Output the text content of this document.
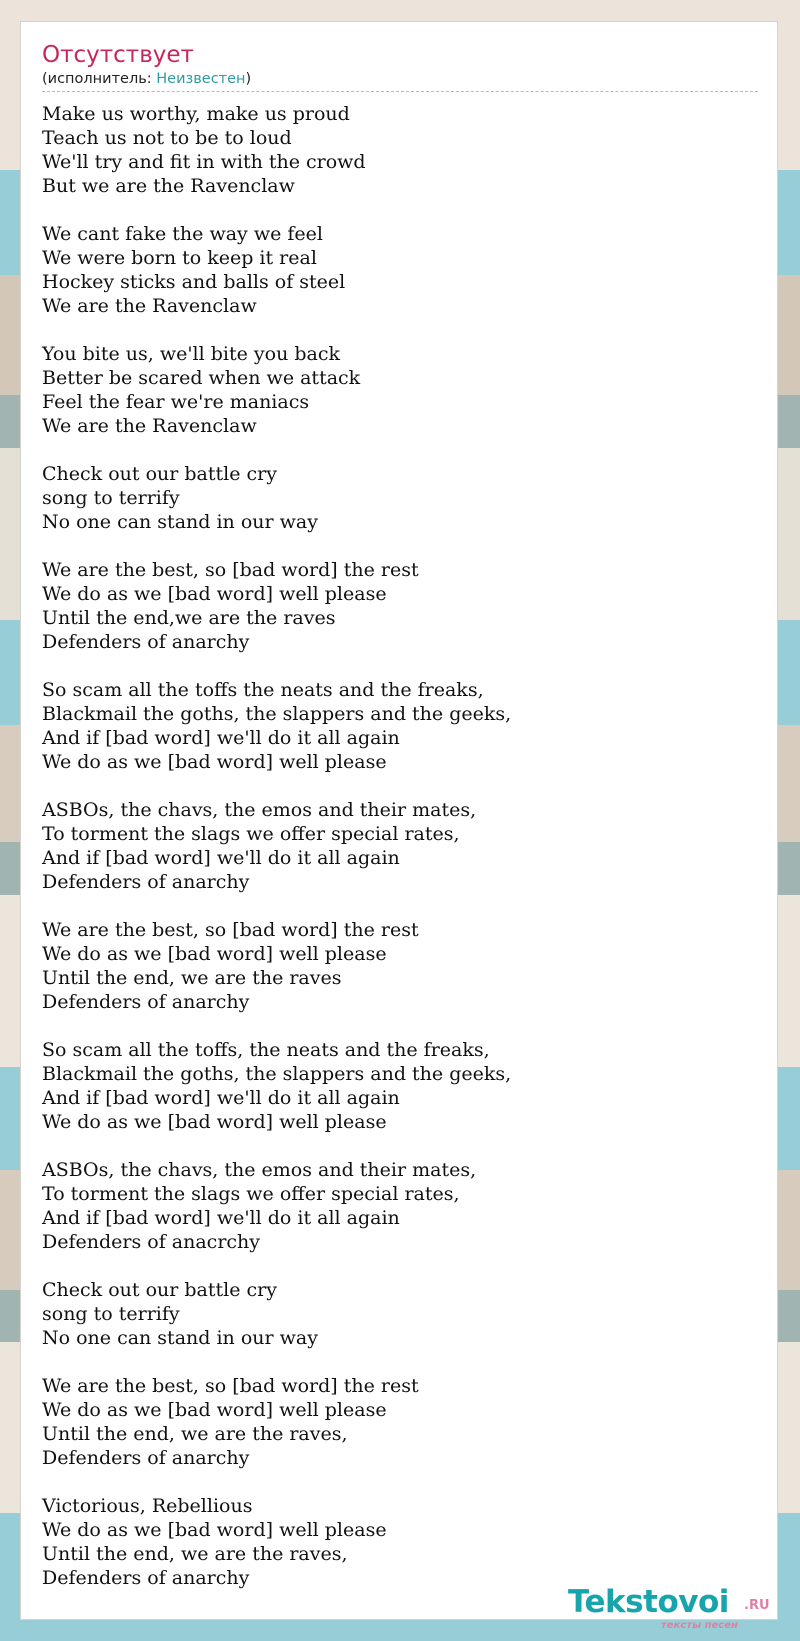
Отсутствует
(исполнитель: Неизвестен)
Make us worthy, make us proud
Teach us not to be to loud
We'll try and fit in with the crowd
But we are the Ravenclaw
We cant fake the way we feel
We were born to keep it real
Hockey sticks and balls of steel
We are the Ravenclaw
You bite us, we'll bite you back
Better be scared when we attack
Feel the fear we're maniacs
We are the Ravenclaw
Check out our battle cry
song to terrify
No one can stand in our way
We are the best, so [bad word] the rest
We do as we [bad word] well please
Until the end,we are the raves
Defenders of anarchy
So scam all the toffs the neats and the freaks,
Blackmail the goths, the slappers and the geeks,
And if [bad word] we'll do it all again
We do as we [bad word] well please
ASBOs, the chavs, the emos and their mates,
To torment the slags we offer special rates,
And if [bad word] we'll do it all again
Defenders of anarchy
We are the best, so [bad word] the rest
We do as we [bad word] well please
Until the end, we are the raves
Defenders of anarchy
So scam all the toffs, the neats and the freaks,
Blackmail the goths, the slappers and the geeks,
And if [bad word] we'll do it all again
We do as we [bad word] well please
ASBOs, the chavs, the emos and their mates,
To torment the slags we offer special rates,
And if [bad word] we'll do it all again
Defenders of anacrchy
Check out our battle cry
song to terrify
No one can stand in our way
We are the best, so [bad word] the rest
We do as we [bad word] well please
Until the end, we are the raves,
Defenders of anarchy
Victorious, Rebellious
We do as we [bad word] well please
Until the end, we are the raves,
Defenders of anarchy
Tekstovoi .RU
тексты песен
